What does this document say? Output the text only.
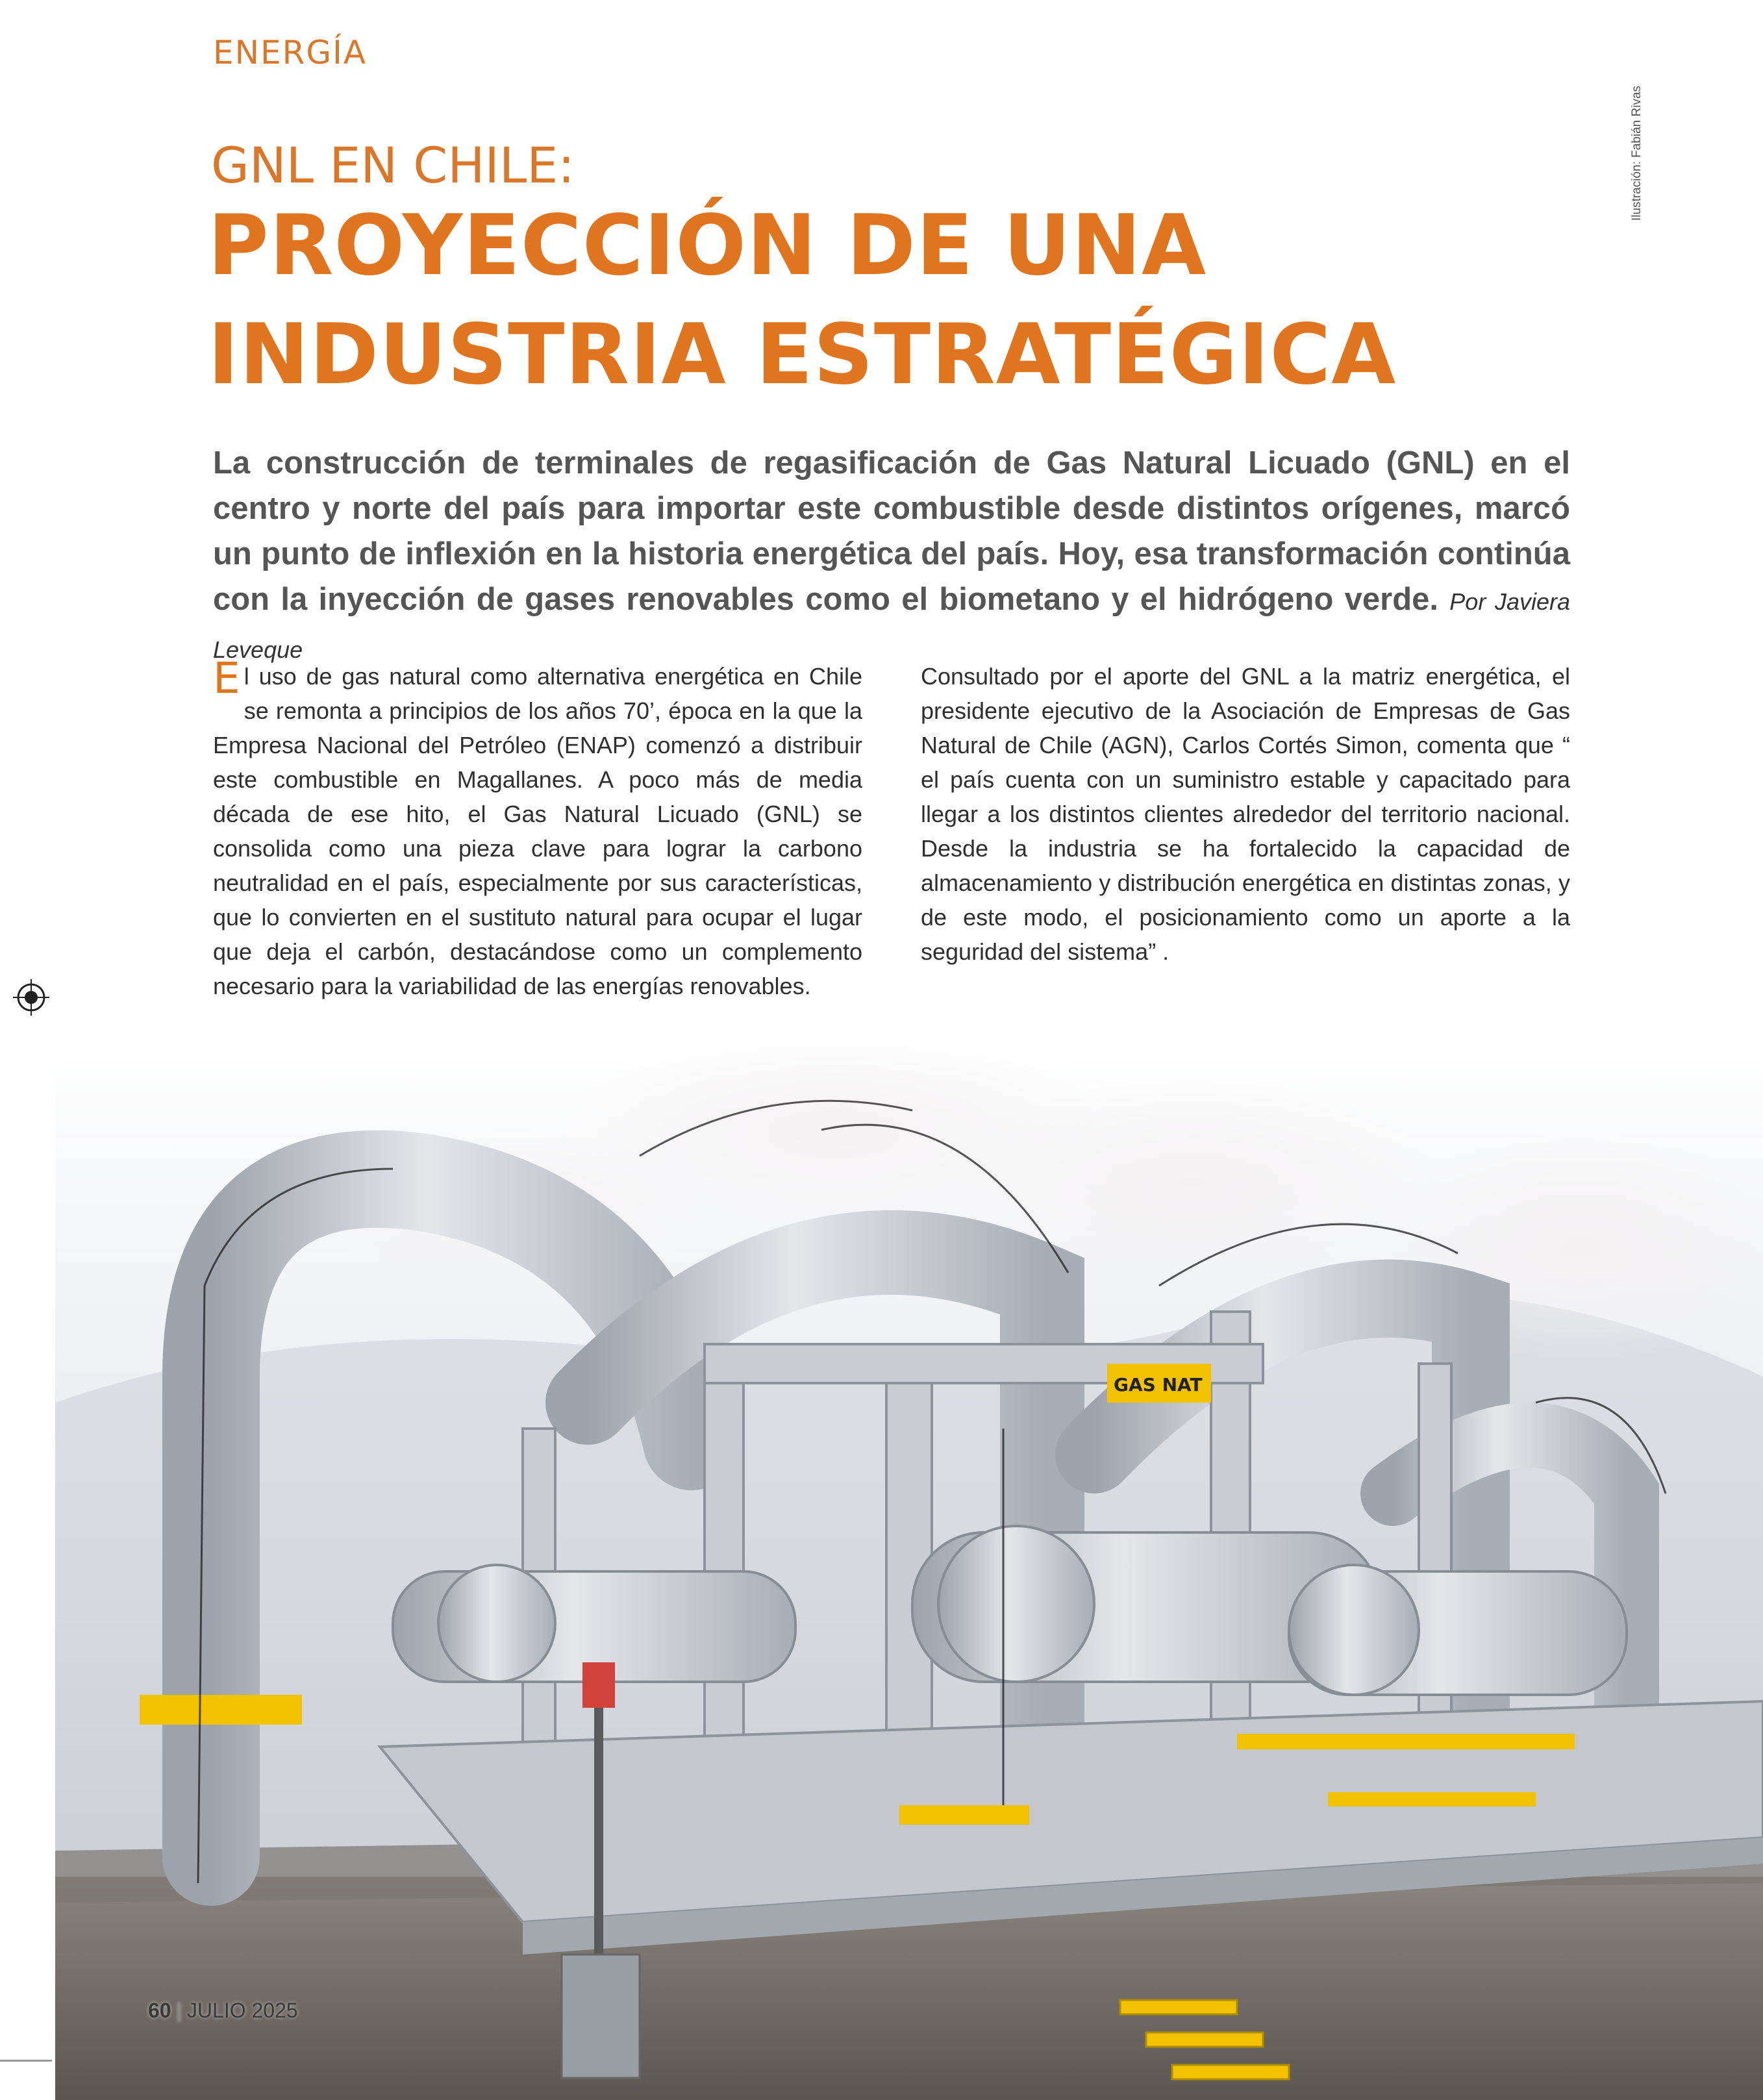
ENERGÍA
Ilustración: Fabián Rivas
GNL EN CHILE:
PROYECCIÓN DE UNA
INDUSTRIA ESTRATÉGICA
La construcción de terminales de regasificación de Gas Natural Licuado (GNL) en el centro y norte del país para importar este combustible desde distintos orígenes, marcó un punto de inflexión en la historia energética del país. Hoy, esa transformación continúa con la inyección de gases renovables como el biometano y el hidrógeno verde. Por Javiera Leveque
E l uso de gas natural como alternativa energética en Chile se remonta a principios de los años 70’, época en la que la Empresa Nacional del Petróleo (ENAP) comenzó a distribuir este combustible en Magallanes. A poco más de media década de ese hito, el Gas Natural Licuado (GNL) se consolida como una pieza clave para lograr la carbono neutralidad en el país, especialmente por sus características, que lo convierten en el sustituto natural para ocupar el lugar que deja el carbón, destacándose como un complemento necesario para la variabilidad de las energías renovables.
Consultado por el aporte del GNL a la matriz energética, el presidente ejecutivo de la Asociación de Empresas de Gas Natural de Chile (AGN), Carlos Cortés Simon, comenta que “ el país cuenta con un suministro estable y capacitado para llegar a los distintos clientes alrededor del territorio nacional. Desde la industria se ha fortalecido la capacidad de almacenamiento y distribución energética en distintas zonas, y de este modo, el posicionamiento como un aporte a la seguridad del sistema” .
GAS NAT
60 | JULIO 2025
